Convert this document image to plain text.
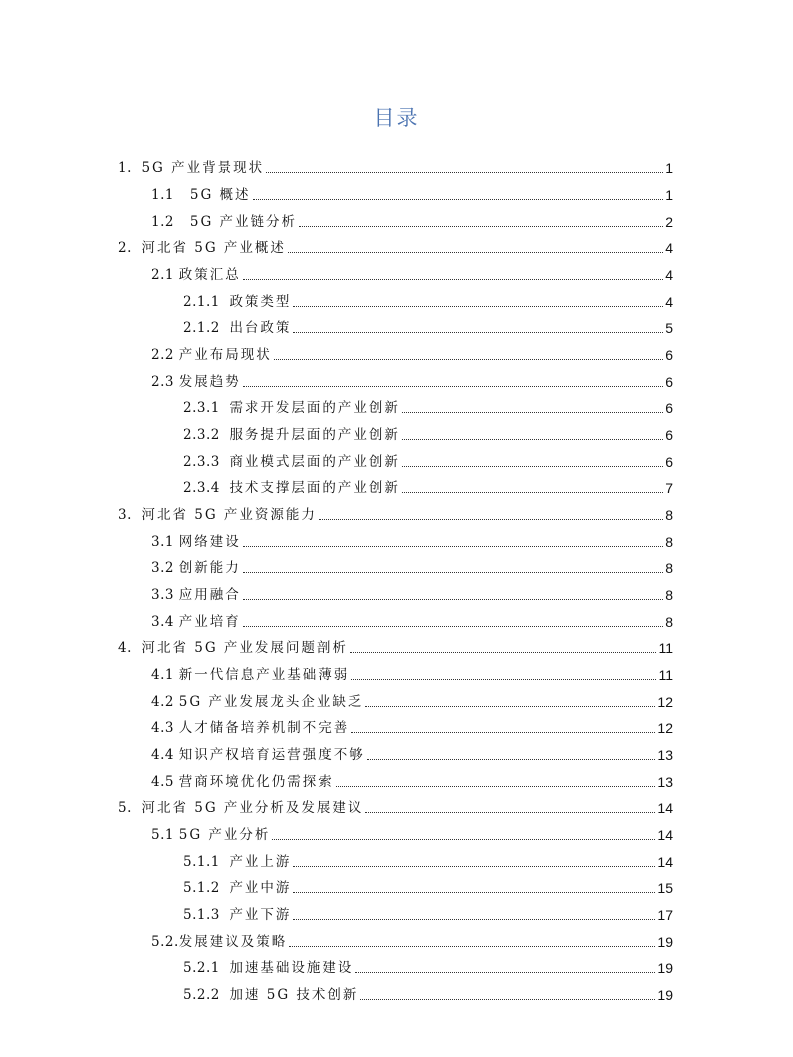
目录
1. 5G 产业背景现状	1
1.1 5G 概述	1
1.2 5G 产业链分析	2
2. 河北省 5G 产业概述	4
2.1 政策汇总	4
2.1.1 政策类型	4
2.1.2 出台政策	5
2.2 产业布局现状	6
2.3 发展趋势	6
2.3.1 需求开发层面的产业创新	6
2.3.2 服务提升层面的产业创新	6
2.3.3 商业模式层面的产业创新	6
2.3.4 技术支撑层面的产业创新	7
3. 河北省 5G 产业资源能力	8
3.1 网络建设	8
3.2 创新能力	8
3.3 应用融合	8
3.4 产业培育	8
4. 河北省 5G 产业发展问题剖析	11
4.1 新一代信息产业基础薄弱	11
4.2 5G 产业发展龙头企业缺乏	12
4.3 人才储备培养机制不完善	12
4.4 知识产权培育运营强度不够	13
4.5 营商环境优化仍需探索	13
5. 河北省 5G 产业分析及发展建议	14
5.1 5G 产业分析	14
5.1.1 产业上游	14
5.1.2 产业中游	15
5.1.3 产业下游	17
5.2. 发展建议及策略	19
5.2.1 加速基础设施建设	19
5.2.2 加速 5G 技术创新	19
